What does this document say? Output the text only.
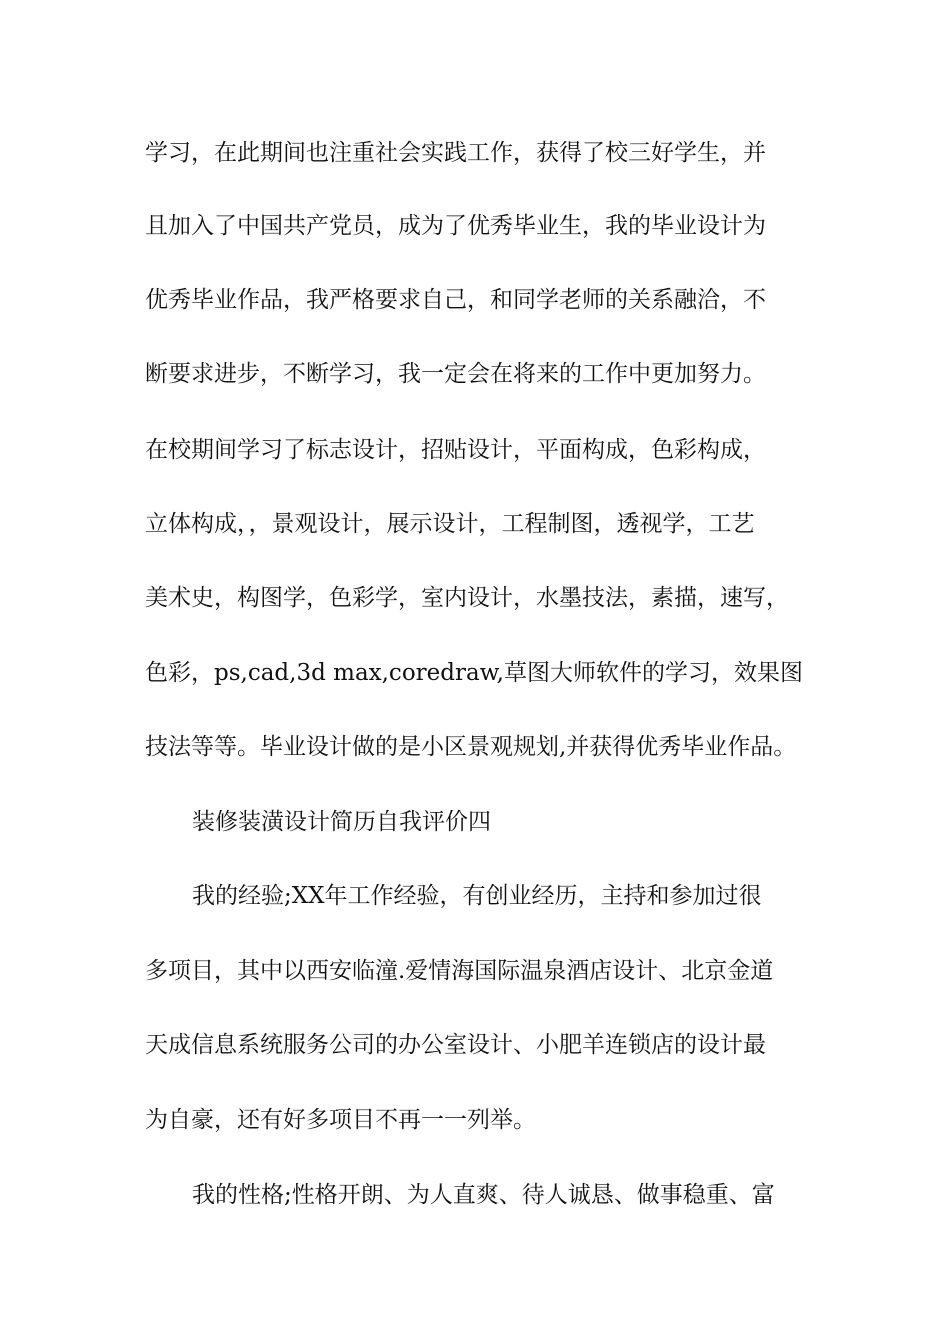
学习，在此期间也注重社会实践工作，获得了校三好学生，并
且加入了中国共产党员，成为了优秀毕业生，我的毕业设计为
优秀毕业作品，我严格要求自己，和同学老师的关系融洽，不
断要求进步，不断学习，我一定会在将来的工作中更加努力。
在校期间学习了标志设计，招贴设计，平面构成，色彩构成，
立体构成，，景观设计，展示设计，工程制图，透视学，工艺
美术史，构图学，色彩学，室内设计，水墨技法，素描，速写，
色彩，ps,cad,3d max,coredraw,草图大师软件的学习，效果图
技法等等。毕业设计做的是小区景观规划,并获得优秀毕业作品。
装修装潢设计简历自我评价四
我的经验;XX年工作经验，有创业经历，主持和参加过很
多项目，其中以西安临潼.爱情海国际温泉酒店设计、北京金道
天成信息系统服务公司的办公室设计、小肥羊连锁店的设计最
为自豪，还有好多项目不再一一列举。
我的性格;性格开朗、为人直爽、待人诚恳、做事稳重、富
